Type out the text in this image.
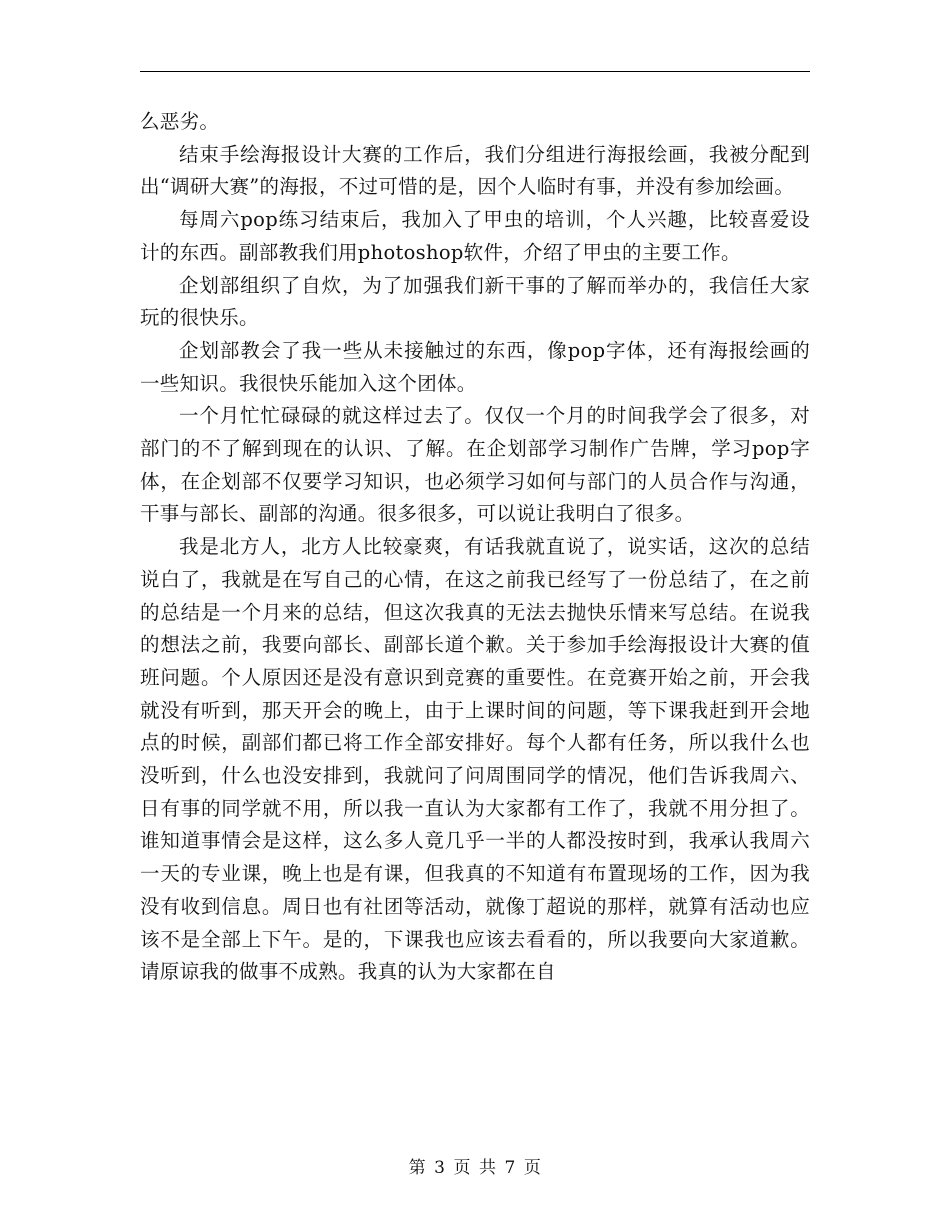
么恶劣。

结束手绘海报设计大赛的工作后，我们分组进行海报绘画，我被分配到出“调研大赛”的海报，不过可惜的是，因个人临时有事，并没有参加绘画。

每周六pop练习结束后，我加入了甲虫的培训，个人兴趣，比较喜爱设计的东西。副部教我们用photoshop软件，介绍了甲虫的主要工作。

企划部组织了自炊，为了加强我们新干事的了解而举办的，我信任大家玩的很快乐。

企划部教会了我一些从未接触过的东西，像pop字体，还有海报绘画的一些知识。我很快乐能加入这个团体。

一个月忙忙碌碌的就这样过去了。仅仅一个月的时间我学会了很多，对部门的不了解到现在的认识、了解。在企划部学习制作广告牌，学习pop字体，在企划部不仅要学习知识，也必须学习如何与部门的人员合作与沟通，干事与部长、副部的沟通。很多很多，可以说让我明白了很多。

我是北方人，北方人比较豪爽，有话我就直说了，说实话，这次的总结说白了，我就是在写自己的心情，在这之前我已经写了一份总结了，在之前的总结是一个月来的总结，但这次我真的无法去抛快乐情来写总结。在说我的想法之前，我要向部长、副部长道个歉。关于参加手绘海报设计大赛的值班问题。个人原因还是没有意识到竞赛的重要性。在竞赛开始之前，开会我就没有听到，那天开会的晚上，由于上课时间的问题，等下课我赶到开会地点的时候，副部们都已将工作全部安排好。每个人都有任务，所以我什么也没听到，什么也没安排到，我就问了问周围同学的情况，他们告诉我周六、日有事的同学就不用，所以我一直认为大家都有工作了，我就不用分担了。谁知道事情会是这样，这么多人竟几乎一半的人都没按时到，我承认我周六一天的专业课，晚上也是有课，但我真的不知道有布置现场的工作，因为我没有收到信息。周日也有社团等活动，就像丁超说的那样，就算有活动也应该不是全部上下午。是的，下课我也应该去看看的，所以我要向大家道歉。请原谅我的做事不成熟。我真的认为大家都在自

第 3 页 共 7 页
